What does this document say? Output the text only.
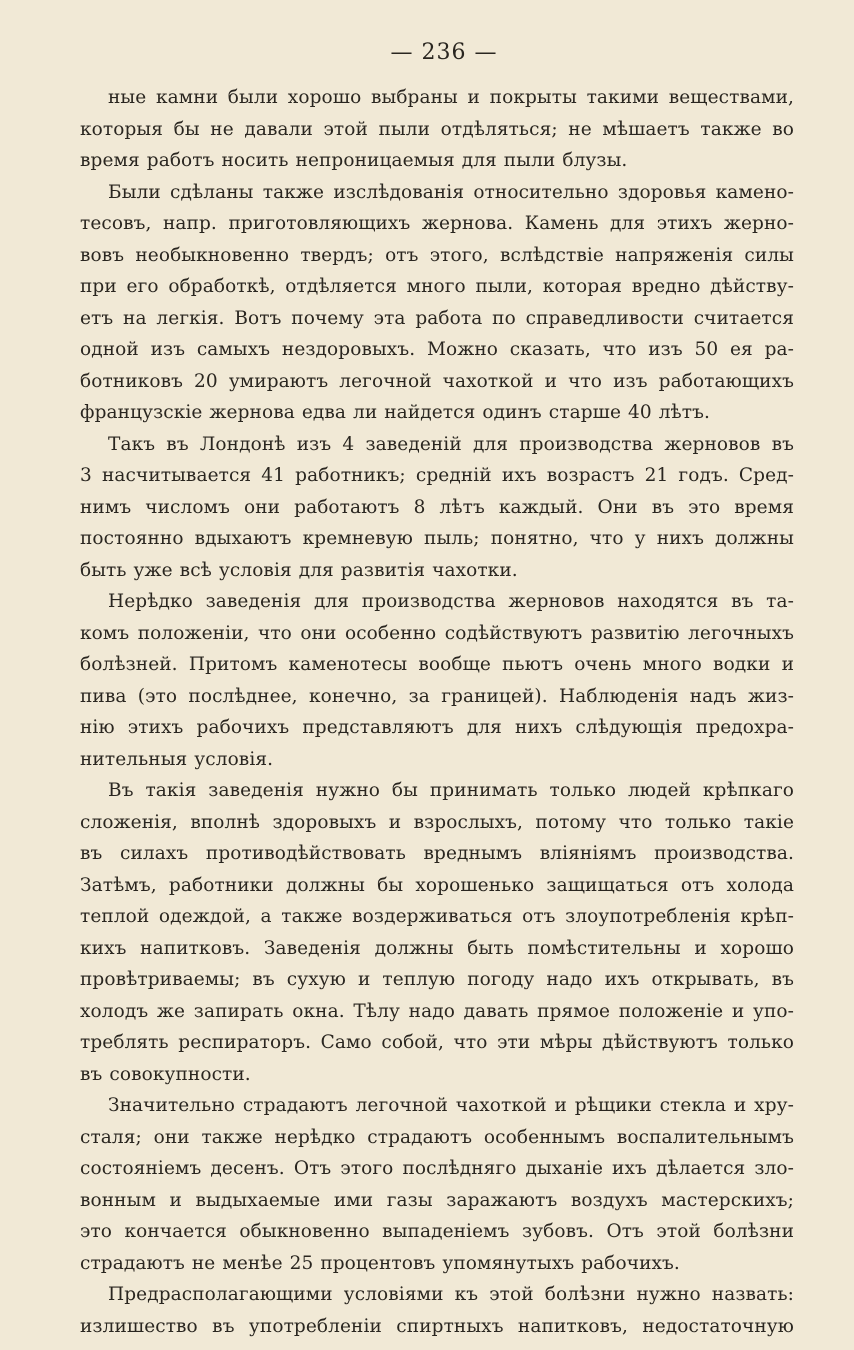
— 236 —
ные камни были хорошо выбраны и покрыты такими веществами,
которыя бы не давали этой пыли отдѣляться; не мѣшаетъ также во
время работъ носить непроницаемыя для пыли блузы.
Были сдѣланы также изслѣдованія относительно здоровья камено-
тесовъ, напр. приготовляющихъ жернова. Камень для этихъ жерно-
вовъ необыкновенно твердъ; отъ этого, вслѣдствіе напряженія силы
при его обработкѣ, отдѣляется много пыли, которая вредно дѣйству-
етъ на легкія. Вотъ почему эта работа по справедливости считается
одной изъ самыхъ нездоровыхъ. Можно сказать, что изъ 50 ея ра-
ботниковъ 20 умираютъ легочной чахоткой и что изъ работающихъ
французскіе жернова едва ли найдется одинъ старше 40 лѣтъ.
Такъ въ Лондонѣ изъ 4 заведеній для производства жерновов въ
3 насчитывается 41 работникъ; средній ихъ возрастъ 21 годъ. Сред-
нимъ числомъ они работаютъ 8 лѣтъ каждый. Они въ это время
постоянно вдыхаютъ кремневую пыль; понятно, что у нихъ должны
быть уже всѣ условія для развитія чахотки.
Нерѣдко заведенія для производства жерновов находятся въ та-
комъ положеніи, что они особенно содѣйствуютъ развитію легочныхъ
болѣзней. Притомъ каменотесы вообще пьютъ очень много водки и
пива (это послѣднее, конечно, за границей). Наблюденія надъ жиз-
нію этихъ рабочихъ представляютъ для нихъ слѣдующія предохра-
нительныя условія.
Въ такія заведенія нужно бы принимать только людей крѣпкаго
сложенія, вполнѣ здоровыхъ и взрослыхъ, потому что только такіе
въ силахъ противодѣйствовать вреднымъ вліяніямъ производства.
Затѣмъ, работники должны бы хорошенько защищаться отъ холода
теплой одеждой, а также воздерживаться отъ злоупотребленія крѣп-
кихъ напитковъ. Заведенія должны быть помѣстительны и хорошо
провѣтриваемы; въ сухую и теплую погоду надо ихъ открывать, въ
холодъ же запирать окна. Тѣлу надо давать прямое положеніе и упо-
треблять респираторъ. Само собой, что эти мѣры дѣйствуютъ только
въ совокупности.
Значительно страдаютъ легочной чахоткой и рѣщики стекла и хру-
сталя; они также нерѣдко страдаютъ особеннымъ воспалительнымъ
состояніемъ десенъ. Отъ этого послѣдняго дыханіе ихъ дѣлается зло-
вонным и выдыхаемые ими газы заражаютъ воздухъ мастерскихъ;
это кончается обыкновенно выпаденіемъ зубовъ. Отъ этой болѣзни
страдаютъ не менѣе 25 процентовъ упомянутыхъ рабочихъ.
Предрасполагающими условіями къ этой болѣзни нужно назвать:
излишество въ употребленіи спиртныхъ напитковъ, недостаточную
